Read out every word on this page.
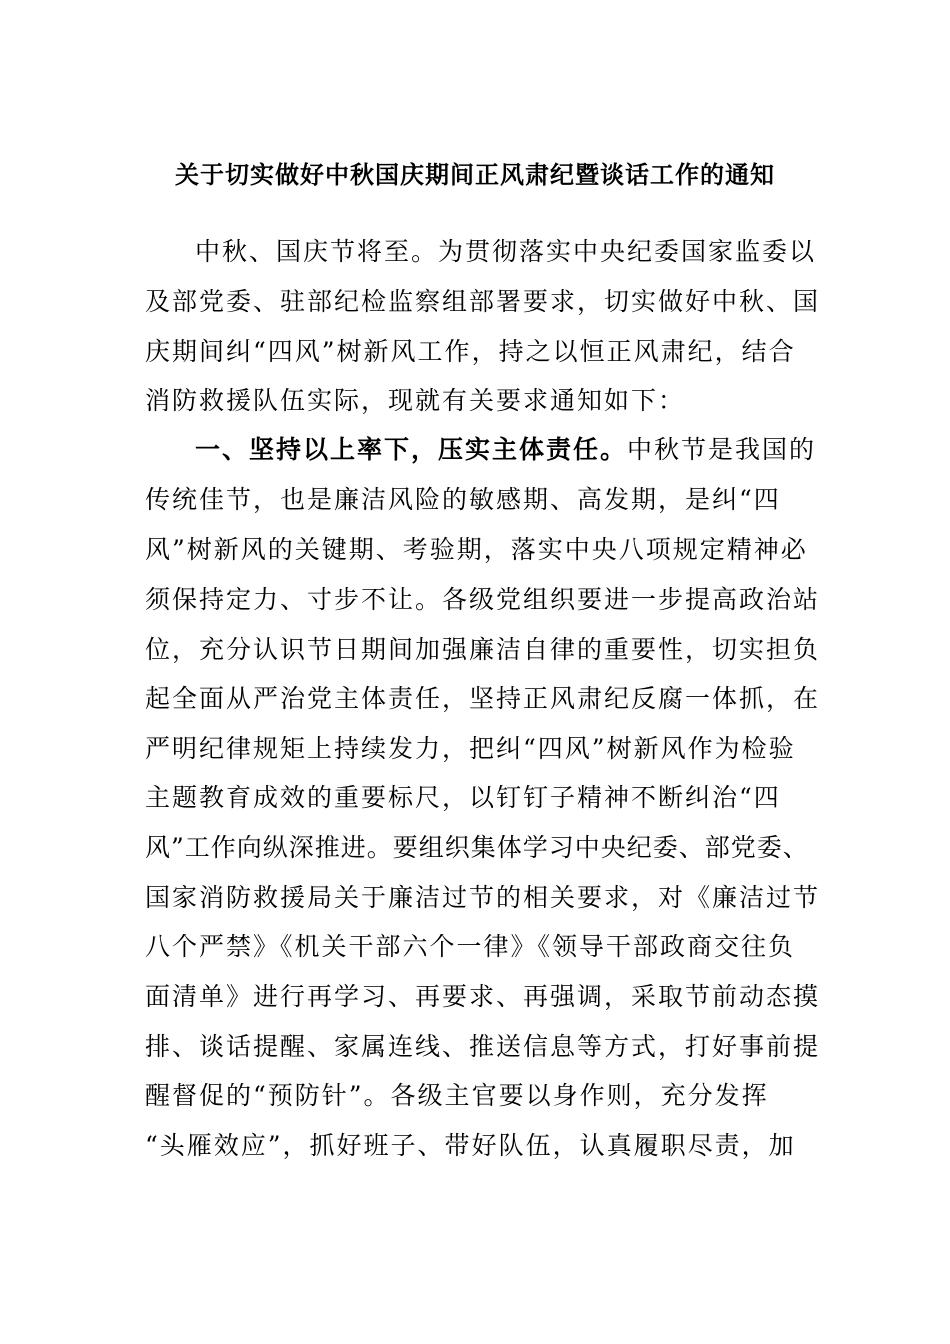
关于切实做好中秋国庆期间正风肃纪暨谈话工作的通知
中秋、国庆节将至。为贯彻落实中央纪委国家监委以
及部党委、驻部纪检监察组部署要求，切实做好中秋、国
庆期间纠“四风”树新风工作，持之以恒正风肃纪，结合
消防救援队伍实际，现就有关要求通知如下：
一、坚持以上率下，压实主体责任。中秋节是我国的
传统佳节，也是廉洁风险的敏感期、高发期，是纠“四
风”树新风的关键期、考验期，落实中央八项规定精神必
须保持定力、寸步不让。各级党组织要进一步提高政治站
位，充分认识节日期间加强廉洁自律的重要性，切实担负
起全面从严治党主体责任，坚持正风肃纪反腐一体抓，在
严明纪律规矩上持续发力，把纠“四风”树新风作为检验
主题教育成效的重要标尺，以钉钉子精神不断纠治“四
风”工作向纵深推进。要组织集体学习中央纪委、部党委、
国家消防救援局关于廉洁过节的相关要求，对《廉洁过节
八个严禁》《机关干部六个一律》《领导干部政商交往负
面清单》进行再学习、再要求、再强调，采取节前动态摸
排、谈话提醒、家属连线、推送信息等方式，打好事前提
醒督促的“预防针”。各级主官要以身作则，充分发挥
“头雁效应”，抓好班子、带好队伍，认真履职尽责，加
